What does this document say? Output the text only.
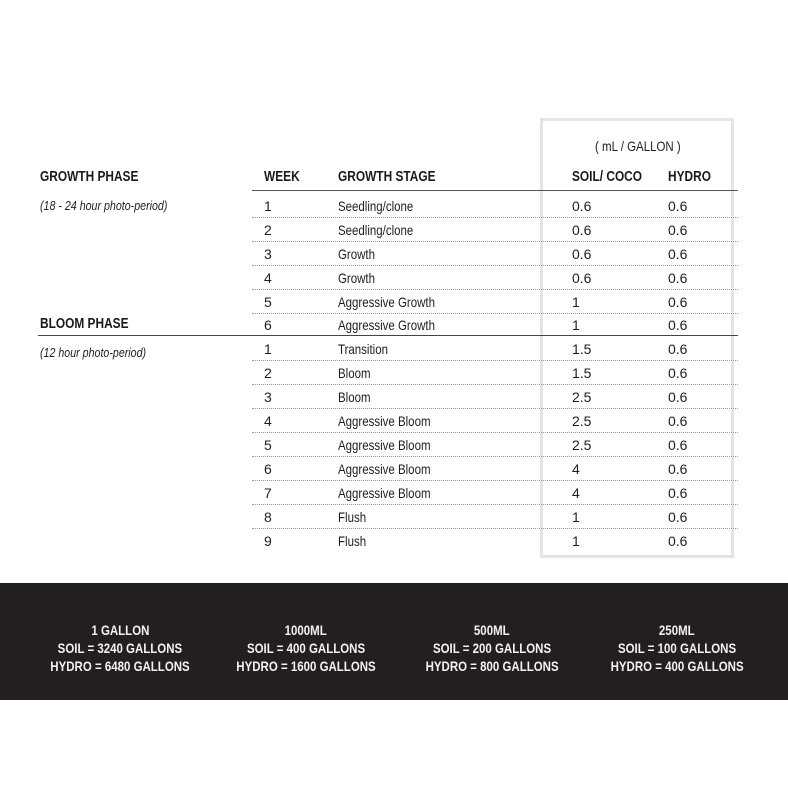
( mL / GALLON )
GROWTH PHASE	WEEK	GROWTH STAGE	SOIL/ COCO	HYDRO
(18 - 24 hour photo-period)
BLOOM PHASE
(12 hour photo-period)
1	Seedling/clone	0.6	0.6
2	Seedling/clone	0.6	0.6
3	Growth	0.6	0.6
4	Growth	0.6	0.6
5	Aggressive Growth	1	0.6
6	Aggressive Growth	1	0.6
1	Transition	1.5	0.6
2	Bloom	1.5	0.6
3	Bloom	2.5	0.6
4	Aggressive Bloom	2.5	0.6
5	Aggressive Bloom	2.5	0.6
6	Aggressive Bloom	4	0.6
7	Aggressive Bloom	4	0.6
8	Flush	1	0.6
9	Flush	1	0.6
1 GALLON
SOIL = 3240 GALLONS
HYDRO = 6480 GALLONS
1000ML
SOIL = 400 GALLONS
HYDRO = 1600 GALLONS
500ML
SOIL = 200 GALLONS
HYDRO = 800 GALLONS
250ML
SOIL = 100 GALLONS
HYDRO = 400 GALLONS
